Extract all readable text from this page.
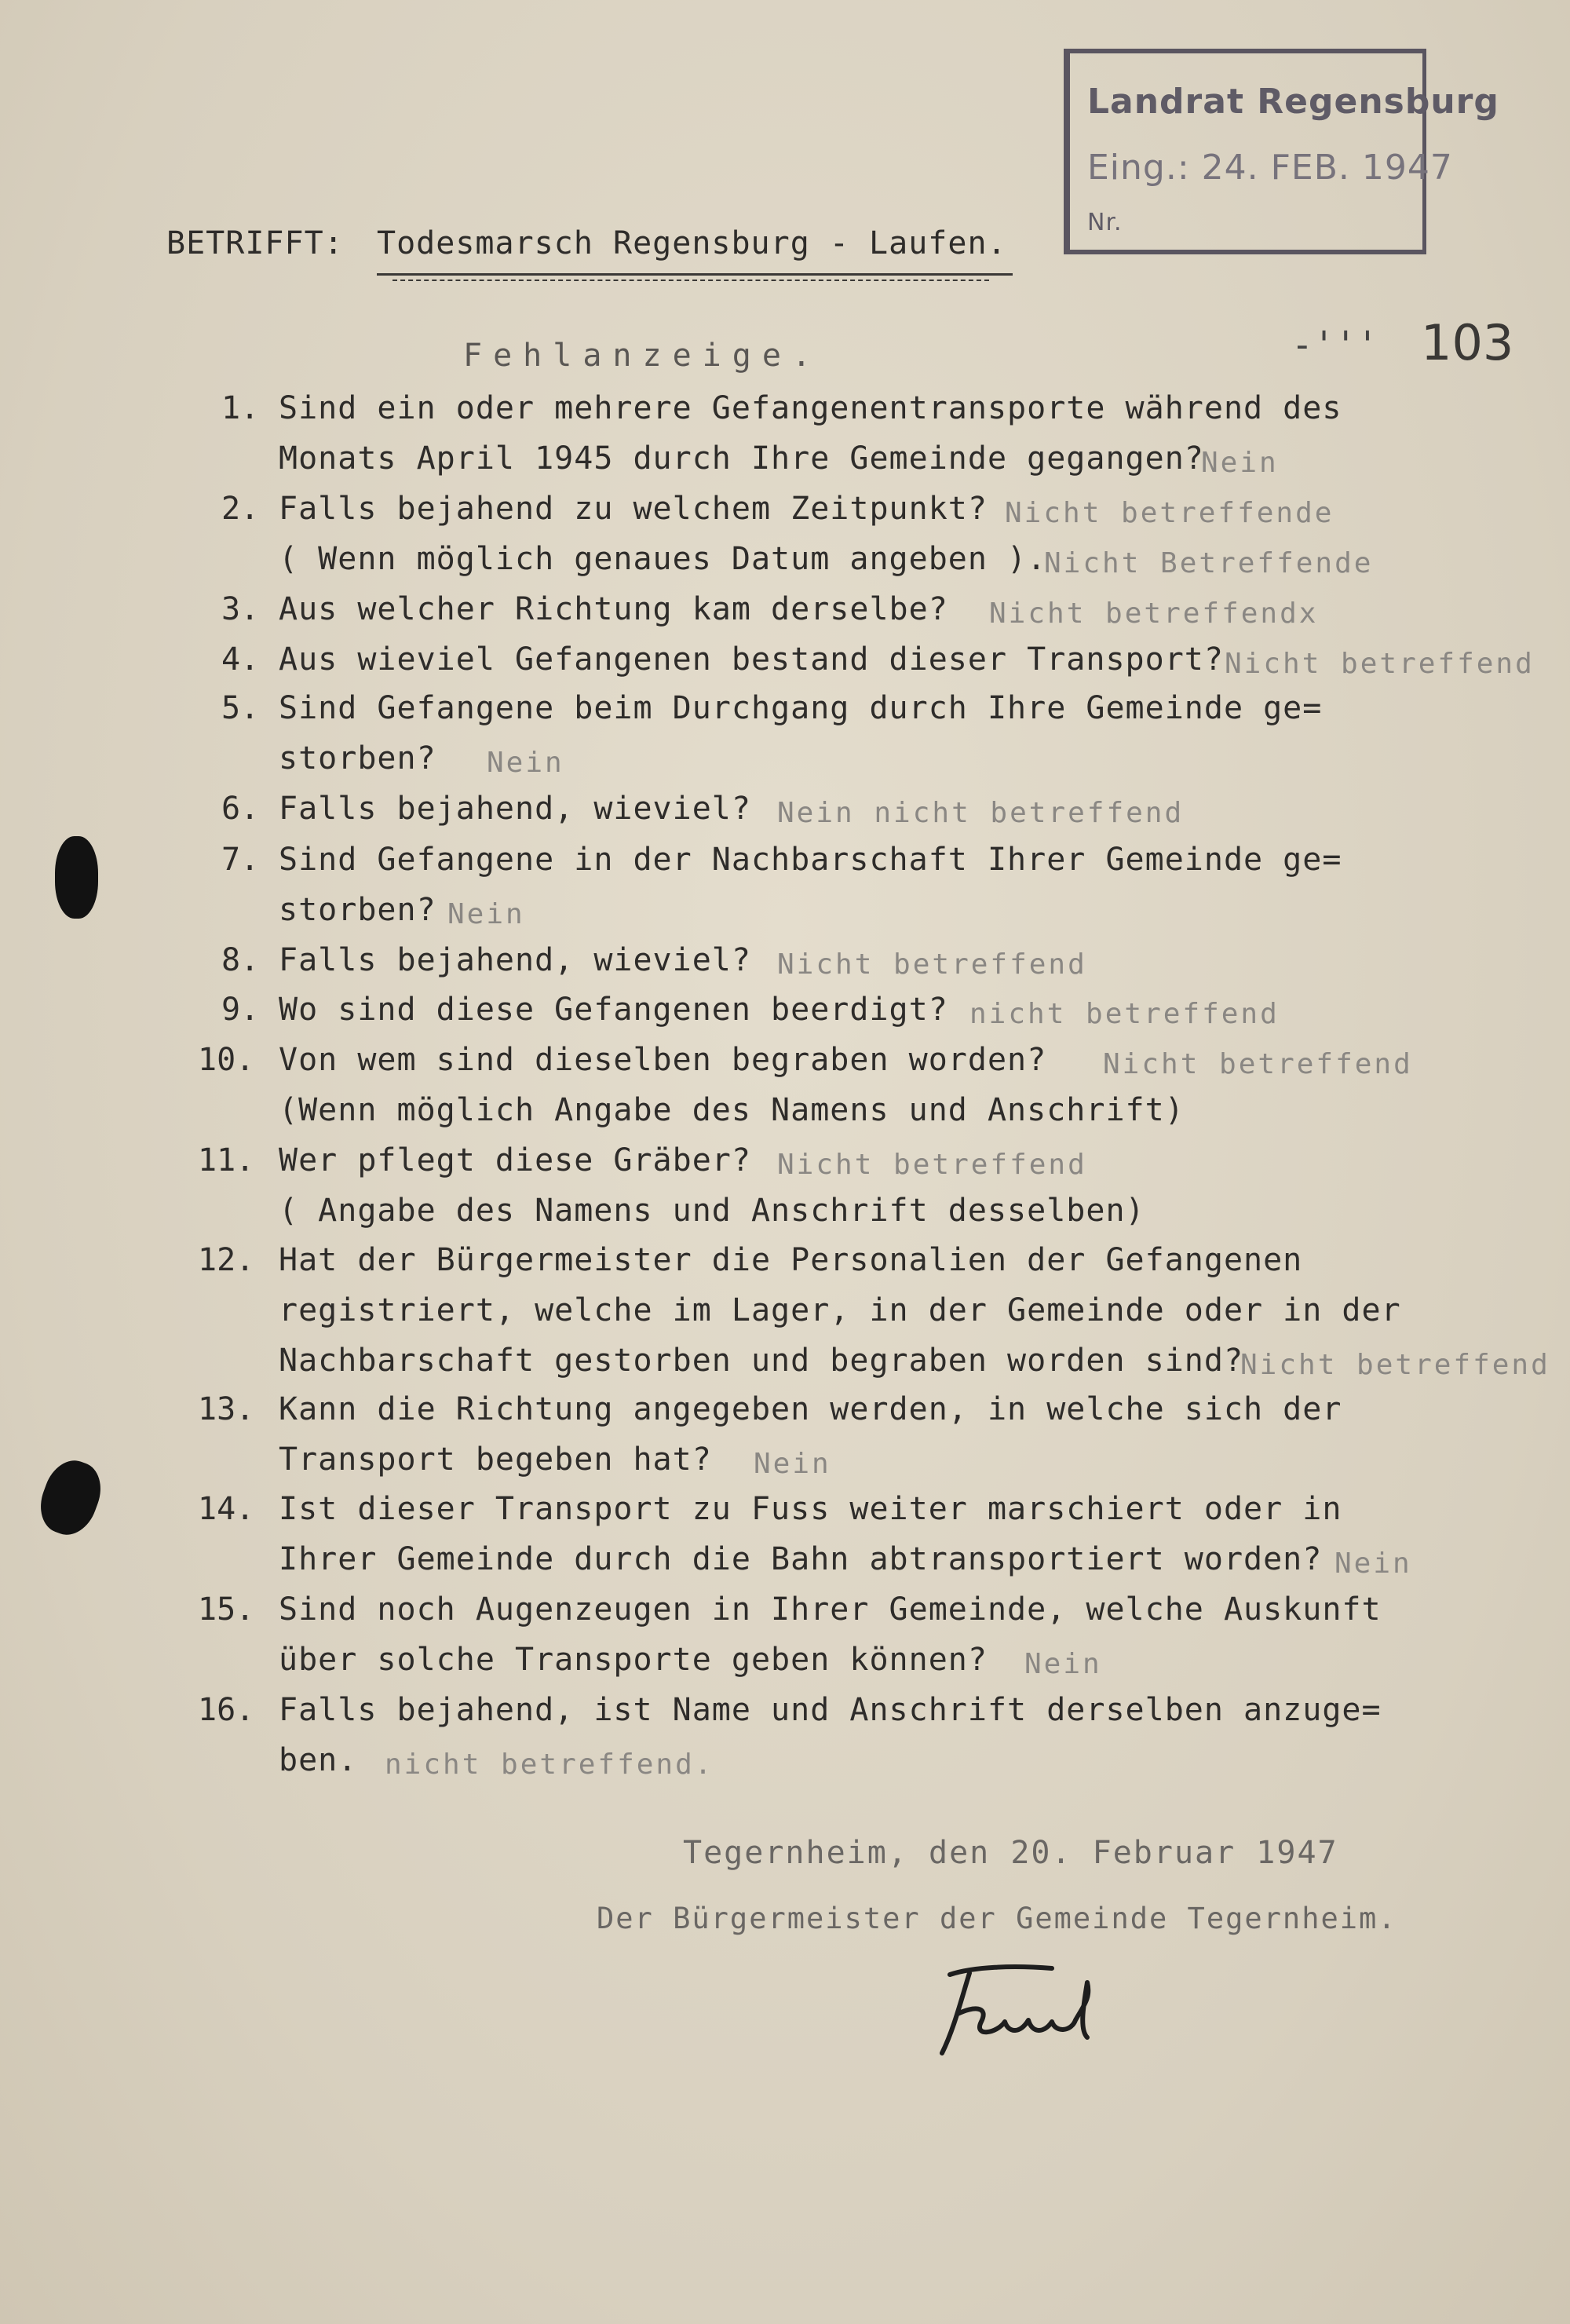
Landrat Regensburg
Eing.: 24. FEB. 1947
Nr.
-''' 103
BETRIFFT: Todesmarsch Regensburg - Laufen.
Fehlanzeige.
1. Sind ein oder mehrere Gefangenentransporte während des
Monats April 1945 durch Ihre Gemeinde gegangen?
Nein
2. Falls bejahend zu welchem Zeitpunkt? Nicht betreffende
( Wenn möglich genaues Datum angeben ).
Nicht Betreffende
3. Aus welcher Richtung kam derselbe? Nicht betreffendx
4. Aus wieviel Gefangenen bestand dieser Transport? Nicht betreffend
5. Sind Gefangene beim Durchgang durch Ihre Gemeinde ge=
storben? Nein
6. Falls bejahend, wieviel? Nein nicht betreffend
7. Sind Gefangene in der Nachbarschaft Ihrer Gemeinde ge=
storben? Nein
8. Falls bejahend, wieviel? Nicht betreffend
9. Wo sind diese Gefangenen beerdigt? nicht betreffend
10. Von wem sind dieselben begraben worden? Nicht betreffend
(Wenn möglich Angabe des Namens und Anschrift)
11. Wer pflegt diese Gräber? Nicht betreffend
( Angabe des Namens und Anschrift desselben)
12. Hat der Bürgermeister die Personalien der Gefangenen
registriert, welche im Lager, in der Gemeinde oder in der
Nachbarschaft gestorben und begraben worden sind?
Nicht betreffend
13. Kann die Richtung angegeben werden, in welche sich der
Transport begeben hat? Nein
14. Ist dieser Transport zu Fuss weiter marschiert oder in
Ihrer Gemeinde durch die Bahn abtransportiert worden? Nein
15. Sind noch Augenzeugen in Ihrer Gemeinde, welche Auskunft
über solche Transporte geben können? Nein
16. Falls bejahend, ist Name und Anschrift derselben anzuge=
ben. nicht betreffend.
Tegernheim, den 20. Februar 1947
Der Bürgermeister der Gemeinde Tegernheim.
